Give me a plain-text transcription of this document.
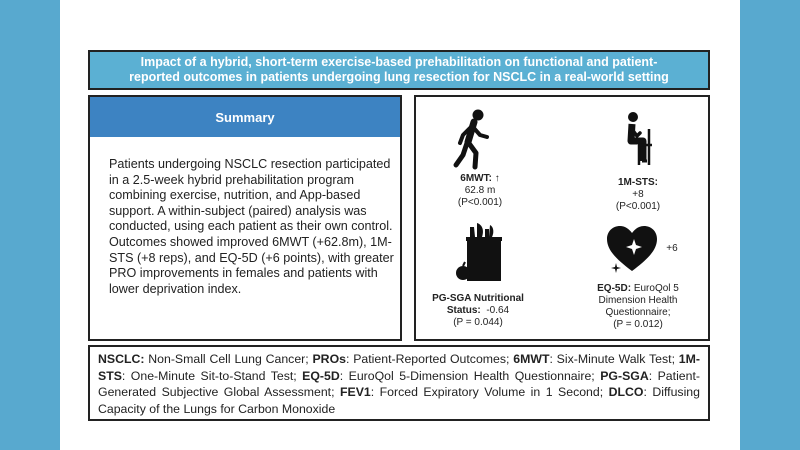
Impact of a hybrid, short-term exercise-based prehabilitation on functional and patient-
reported outcomes in patients undergoing lung resection for NSCLC in a real-world setting
Summary
Patients undergoing NSCLC resection participated in a 2.5-week hybrid prehabilitation program combining exercise, nutrition, and App-based support. A within-subject (paired) analysis was conducted, using each patient as their own control. Outcomes showed improved 6MWT (+62.8m), 1M-STS (+8 reps), and EQ-5D (+6 points), with greater PRO improvements in females and patients with lower deprivation index.
6MWT: ↑
62.8 m
(P<0.001)
1M-STS:
+8
(P<0.001)
PG-SGA Nutritional
Status: -0.64
(P = 0.044)
+6
EQ-5D: EuroQol 5
Dimension Health
Questionnaire;
(P = 0.012)
NSCLC: Non-Small Cell Lung Cancer; PROs: Patient-Reported Outcomes; 6MWT: Six-Minute Walk Test; 1M-STS: One-Minute Sit-to-Stand Test; EQ-5D: EuroQol 5-Dimension Health Questionnaire; PG-SGA: Patient-Generated Subjective Global Assessment; FEV1: Forced Expiratory Volume in 1 Second; DLCO: Diffusing Capacity of the Lungs for Carbon Monoxide
